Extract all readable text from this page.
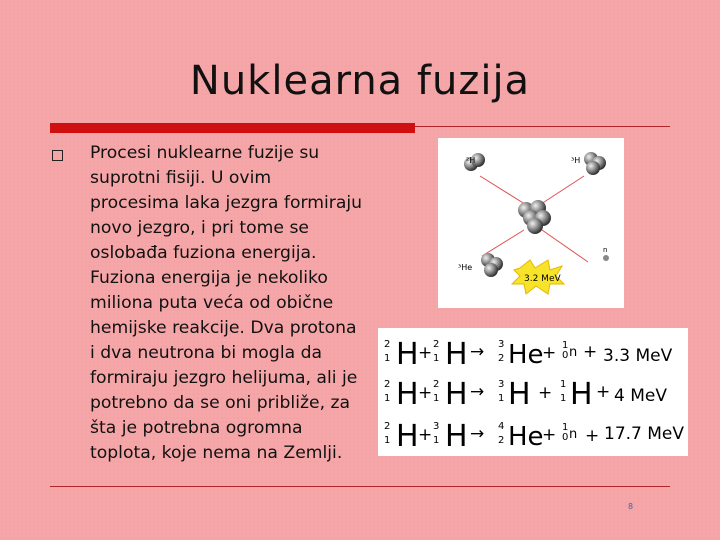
Nuklearna fuzija
Procesi nuklearne fuzije su suprotni fisiji. U ovim procesima laka jezgra formiraju novo jezgro, i pri tome se oslobađa fuziona energija. Fuziona energija je nekoliko miliona puta veća od obične hemijske reakcije. Dva protona i dva neutrona bi mogla da formiraju jezgro helijuma, ali je potrebno da se oni približe, za šta je potrebna ogromna toplota, koje nema na Zemlji.
²H	³H
³He
n
3.2 MeV
2
1 H + 2
1 H → 3
2 He
+ 1
0 n + 3.3 MeV
2
1 H + 2
1 H → 3
1 H + 1
1 H + 4 MeV
2
1 H + 3
1 H → 4
2 He
+ 1
0 n + 17.7 MeV
8
